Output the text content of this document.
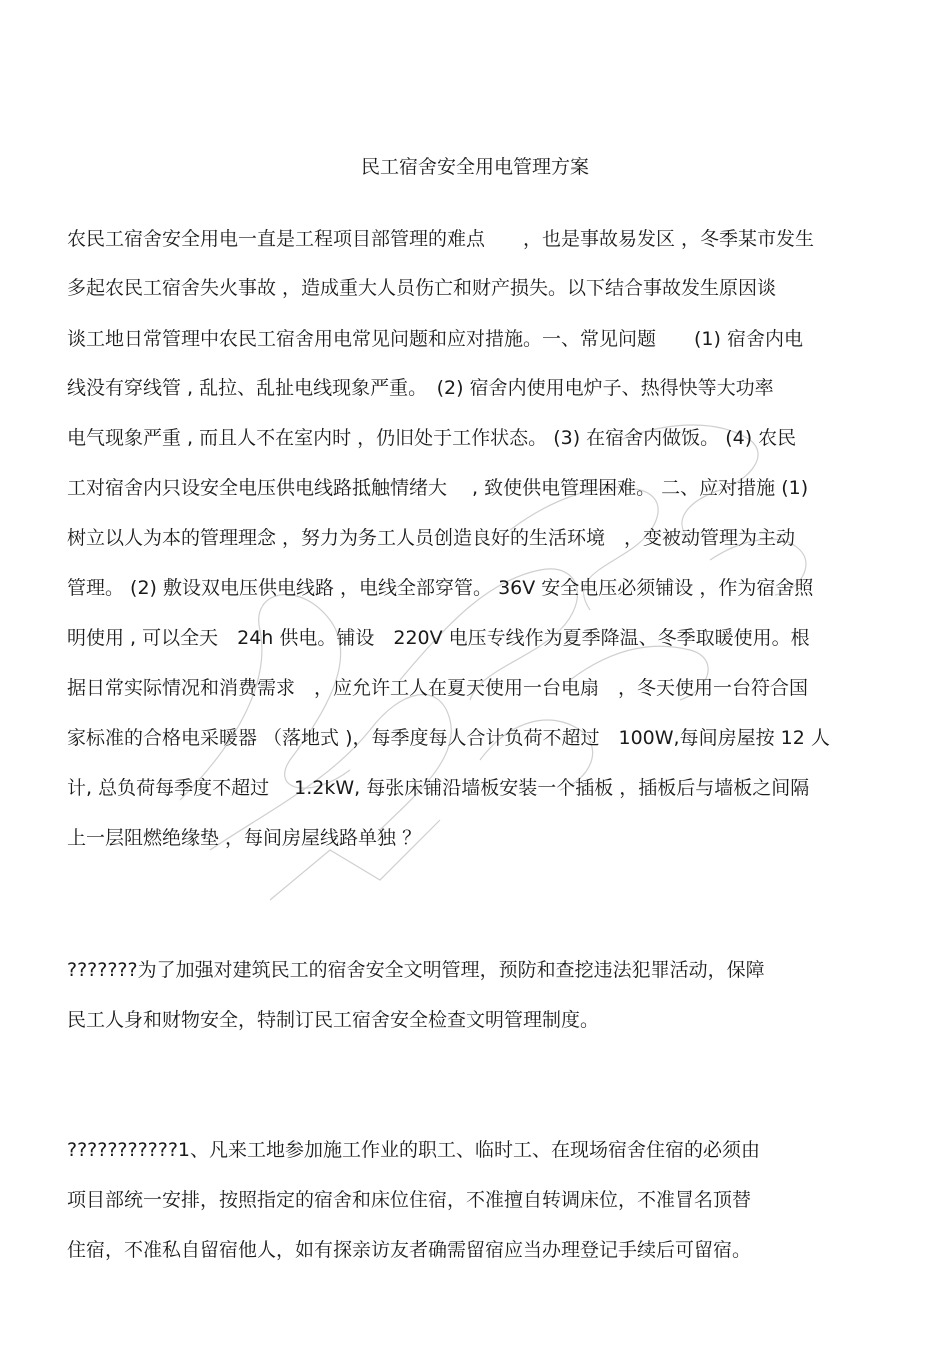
民工宿舍安全用电管理方案
农民工宿舍安全用电一直是工程项目部管理的难点　　，也是事故易发区 ，冬季某市发生
多起农民工宿舍失火事故 ，造成重大人员伤亡和财产损失。以下结合事故发生原因谈
谈工地日常管理中农民工宿舍用电常见问题和应对措施。一、常见问题　　(1) 宿舍内电
线没有穿线管 , 乱拉、乱扯电线现象严重。　(2) 宿舍内使用电炉子、热得快等大功率
电气现象严重 , 而且人不在室内时 ，仍旧处于工作状态。 (3) 在宿舍内做饭。 (4) 农民
工对宿舍内只设安全电压供电线路抵触情绪大　 , 致使供电管理困难。 二、应对措施 (1)
树立以人为本的管理理念 ，努力为务工人员创造良好的生活环境　，变被动管理为主动
管理。 (2) 敷设双电压供电线路 ，电线全部穿管。 36V 安全电压必须铺设 ，作为宿舍照
明使用 , 可以全天　24h 供电。铺设　220V 电压专线作为夏季降温、冬季取暖使用。根
据日常实际情况和消费需求　，应允许工人在夏天使用一台电扇　，冬天使用一台符合国
家标准的合格电采暖器 （落地式 )，每季度每人合计负荷不超过　100W,每间房屋按 12 人
计, 总负荷每季度不超过　 1.2kW, 每张床铺沿墙板安装一个插板 ，插板后与墙板之间隔
上一层阻燃绝缘垫 ，每间房屋线路单独 ？
???????为了加强对建筑民工的宿舍安全文明管理，预防和查挖违法犯罪活动，保障
民工人身和财物安全，特制订民工宿舍安全检查文明管理制度。
???????????1、凡来工地参加施工作业的职工、临时工、在现场宿舍住宿的必须由
项目部统一安排，按照指定的宿舍和床位住宿，不准擅自转调床位，不准冒名顶替
住宿，不准私自留宿他人，如有探亲访友者确需留宿应当办理登记手续后可留宿。
